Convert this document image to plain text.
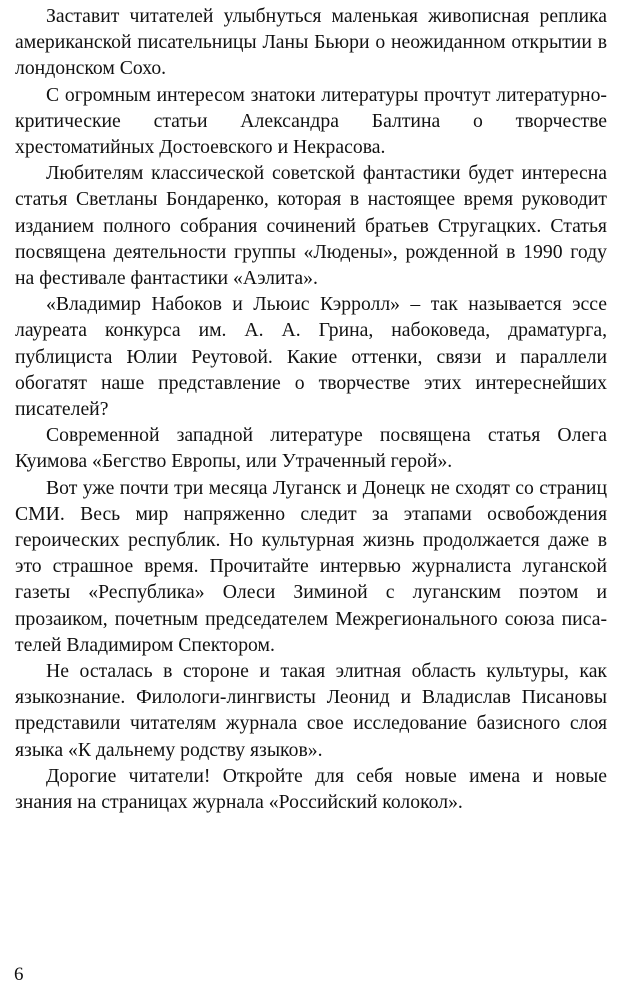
Заставит читателей улыбнуться маленькая живописная реплика американской писательницы Ланы Бьюри о неожиданном открытии в лондонском Сохо.

С огромным интересом знатоки литературы прочтут литературно-критические статьи Александра Балтина о творчестве хрестоматийных Достоевского и Некрасова.

Любителям классической советской фантастики будет интересна статья Светланы Бондаренко, которая в настоящее время руководит изданием полного собрания сочинений братьев Стругацких. Статья посвящена деятельности группы «Людены», рожденной в 1990 году на фестивале фантастики «Аэлита».

«Владимир Набоков и Льюис Кэрролл» – так называется эссе лауреата конкурса им. А. А. Грина, набоковеда, драматурга, публициста Юлии Реутовой. Какие оттенки, связи и параллели обогатят наше представление о творчестве этих интереснейших писателей?

Современной западной литературе посвящена статья Олега Куимова «Бегство Европы, или Утраченный герой».

Вот уже почти три месяца Луганск и Донецк не сходят со страниц СМИ. Весь мир напряженно следит за этапами освобождения героических республик. Но культурная жизнь продолжается даже в это страшное время. Прочитайте интервью журналиста луганской газеты «Республика» Олеси Зиминой с луганским поэтом и прозаиком, почетным председателем Межрегионального союза писателей Владимиром Спектором.

Не осталась в стороне и такая элитная область культуры, как языкознание. Филологи-лингвисты Леонид и Владислав Писановы представили читателям журнала свое исследование базисного слоя языка «К дальнему родству языков».

Дорогие читатели! Откройте для себя новые имена и новые знания на страницах журнала «Российский колокол».

6
